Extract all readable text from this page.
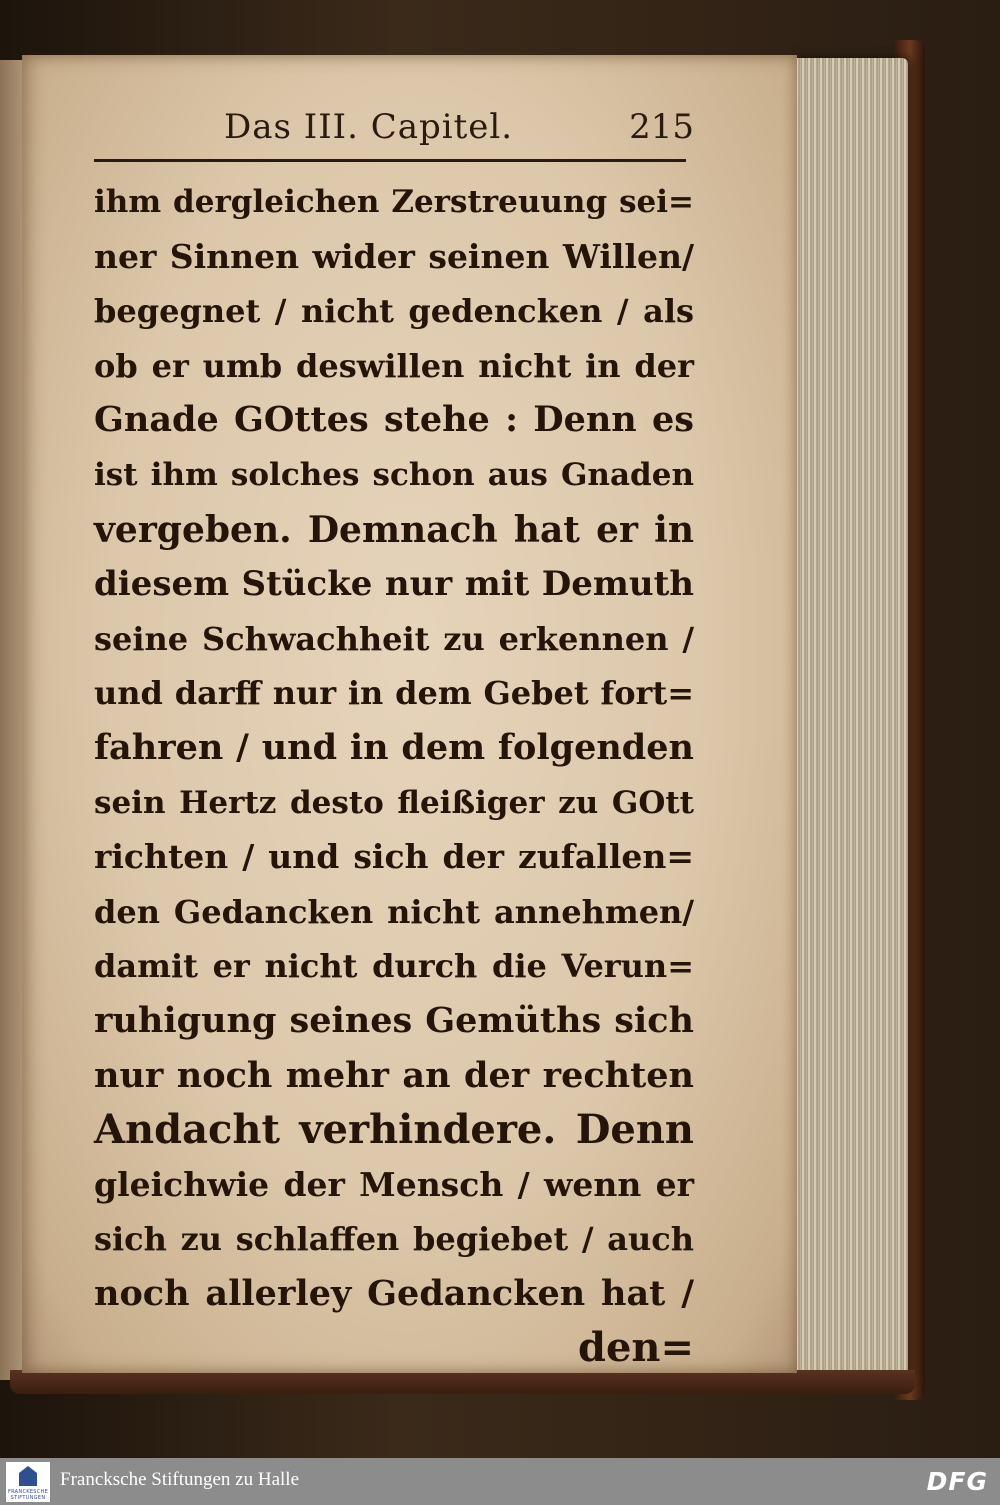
Das III. Capitel.	215
ihm dergleichen Zerstreuung sei=
ner Sinnen wider seinen Willen/
begegnet / nicht gedencken / als
ob er umb deswillen nicht in der
Gnade GOttes stehe : Denn es
ist ihm solches schon aus Gnaden
vergeben. Demnach hat er in
diesem Stücke nur mit Demuth
seine Schwachheit zu erkennen /
und darff nur in dem Gebet fort=
fahren / und in dem folgenden
sein Hertz desto fleißiger zu GOtt
richten / und sich der zufallen=
den Gedancken nicht annehmen/
damit er nicht durch die Verun=
ruhigung seines Gemüths sich
nur noch mehr an der rechten
Andacht verhindere. Denn
gleichwie der Mensch / wenn er
sich zu schlaffen begiebet / auch
noch allerley Gedancken hat /
den=
FRANCKESCHE STIFTUNGEN
Francksche Stiftungen zu Halle	DFG
